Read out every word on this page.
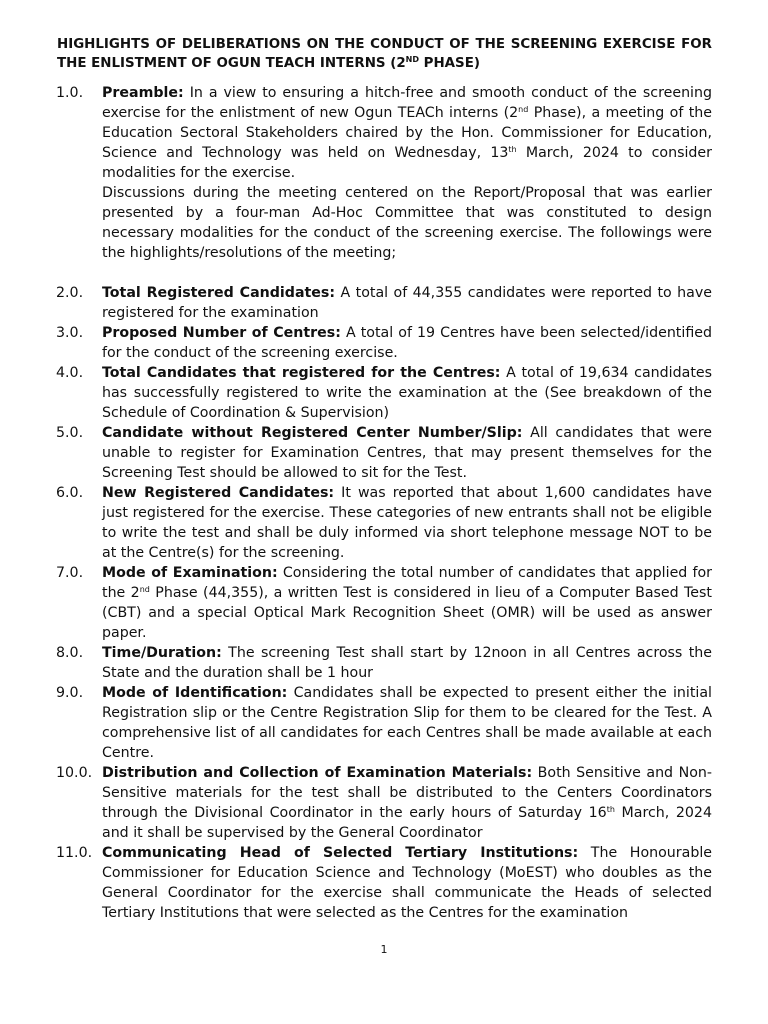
HIGHLIGHTS OF DELIBERATIONS ON THE CONDUCT OF THE SCREENING EXERCISE FOR THE ENLISTMENT OF OGUN TEACH INTERNS (2ND PHASE)
1.0.	Preamble: In a view to ensuring a hitch-free and smooth conduct of the screening exercise for the enlistment of new Ogun TEACh interns (2nd Phase), a meeting of the Education Sectoral Stakeholders chaired by the Hon. Commissioner for Education, Science and Technology was held on Wednesday, 13th March, 2024 to consider modalities for the exercise.

Discussions during the meeting centered on the Report/Proposal that was earlier presented by a four-man Ad-Hoc Committee that was constituted to design necessary modalities for the conduct of the screening exercise. The followings were the highlights/resolutions of the meeting;

2.0.	Total Registered Candidates: A total of 44,355 candidates were reported to have registered for the examination
3.0.	Proposed Number of Centres: A total of 19 Centres have been selected/identified for the conduct of the screening exercise.
4.0.	Total Candidates that registered for the Centres: A total of 19,634 candidates has successfully registered to write the examination at the (See breakdown of the Schedule of Coordination & Supervision)
5.0.	Candidate without Registered Center Number/Slip: All candidates that were unable to register for Examination Centres, that may present themselves for the Screening Test should be allowed to sit for the Test.
6.0.	New Registered Candidates: It was reported that about 1,600 candidates have just registered for the exercise. These categories of new entrants shall not be eligible to write the test and shall be duly informed via short telephone message NOT to be at the Centre(s) for the screening.
7.0.	Mode of Examination: Considering the total number of candidates that applied for the 2nd Phase (44,355), a written Test is considered in lieu of a Computer Based Test (CBT) and a special Optical Mark Recognition Sheet (OMR) will be used as answer paper.
8.0.	Time/Duration: The screening Test shall start by 12noon in all Centres across the State and the duration shall be 1 hour
9.0.	Mode of Identification: Candidates shall be expected to present either the initial Registration slip or the Centre Registration Slip for them to be cleared for the Test. A comprehensive list of all candidates for each Centres shall be made available at each Centre.
10.0. Distribution and Collection of Examination Materials: Both Sensitive and Non-Sensitive materials for the test shall be distributed to the Centers Coordinators through the Divisional Coordinator in the early hours of Saturday 16th March, 2024 and it shall be supervised by the General Coordinator
11.0. Communicating Head of Selected Tertiary Institutions: The Honourable Commissioner for Education Science and Technology (MoEST) who doubles as the General Coordinator for the exercise shall communicate the Heads of selected Tertiary Institutions that were selected as the Centres for the examination
1
